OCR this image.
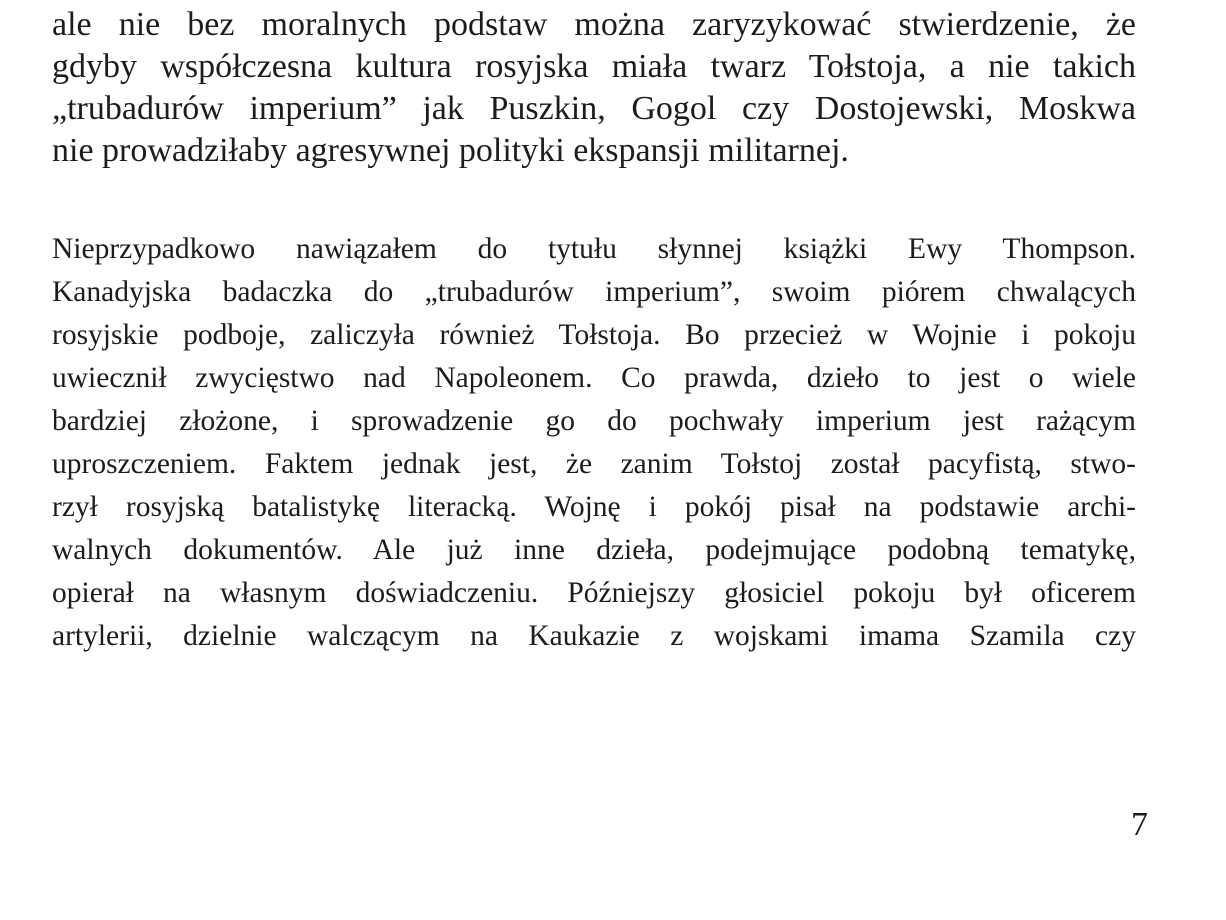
ale nie bez moralnych podstaw można zaryzykować stwierdzenie, że
gdyby współczesna kultura rosyjska miała twarz Tołstoja, a nie takich
„trubadurów imperium” jak Puszkin, Gogol czy Dostojewski, Moskwa
nie prowadziłaby agresywnej polityki ekspansji militarnej.

Nieprzypadkowo nawiązałem do tytułu słynnej książki Ewy Thompson.
Kanadyjska badaczka do „trubadurów imperium”, swoim piórem chwalących
rosyjskie podboje, zaliczyła również Tołstoja. Bo przecież w Wojnie i pokoju
uwiecznił zwycięstwo nad Napoleonem. Co prawda, dzieło to jest o wiele
bardziej złożone, i sprowadzenie go do pochwały imperium jest rażącym
uproszczeniem. Faktem jednak jest, że zanim Tołstoj został pacyfistą, stwo-
rzył rosyjską batalistykę literacką. Wojnę i pokój pisał na podstawie archi-
walnych dokumentów. Ale już inne dzieła, podejmujące podobną tematykę,
opierał na własnym doświadczeniu. Późniejszy głosiciel pokoju był oficerem
artylerii, dzielnie walczącym na Kaukazie z wojskami imama Szamila czy

7
